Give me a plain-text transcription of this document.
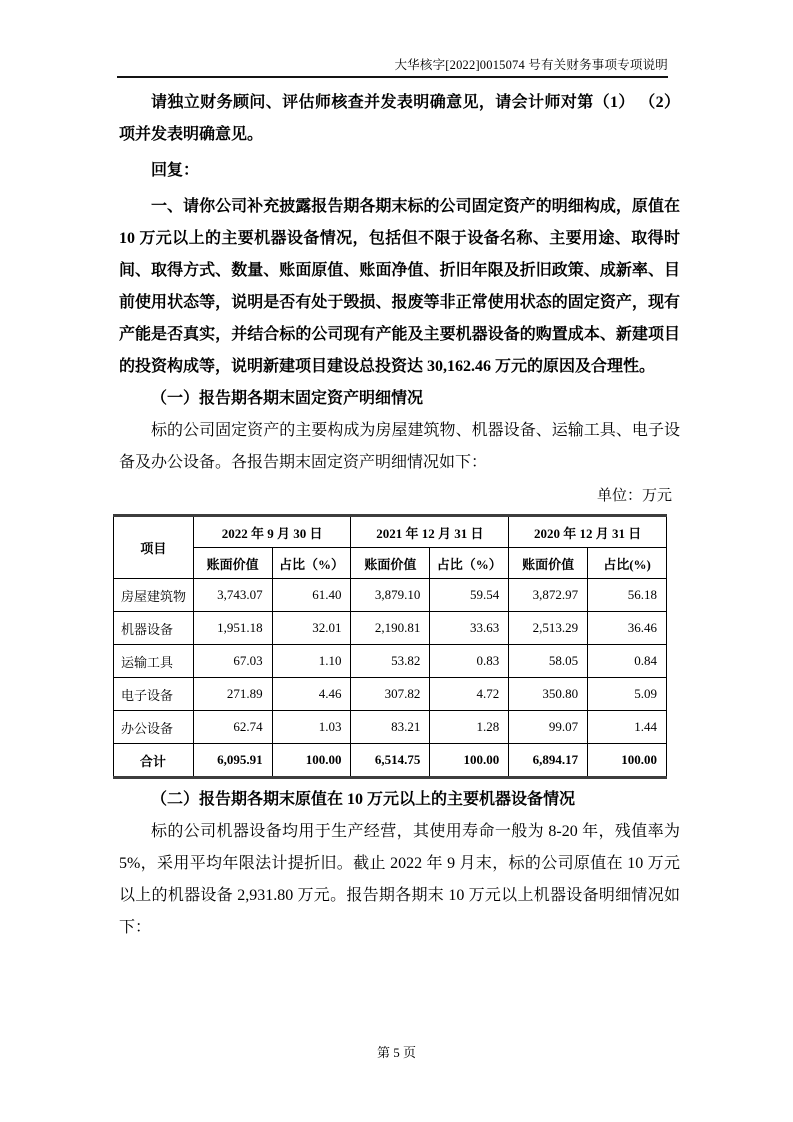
大华核字[2022]0015074 号有关财务事项专项说明

请独立财务顾问、评估师核查并发表明确意见，请会计师对第（1） （2）项并发表明确意见。

回复：

一、请你公司补充披露报告期各期末标的公司固定资产的明细构成，原值在 10 万元以上的主要机器设备情况，包括但不限于设备名称、主要用途、取得时间、取得方式、数量、账面原值、账面净值、折旧年限及折旧政策、成新率、目前使用状态等，说明是否有处于毁损、报废等非正常使用状态的固定资产，现有产能是否真实，并结合标的公司现有产能及主要机器设备的购置成本、新建项目的投资构成等，说明新建项目建设总投资达 30,162.46 万元的原因及合理性。

（一）报告期各期末固定资产明细情况

标的公司固定资产的主要构成为房屋建筑物、机器设备、运输工具、电子设备及办公设备。各报告期末固定资产明细情况如下：

单位：万元
项目	2022 年 9 月 30 日		2021 年 12 月 31 日		2020 年 12 月 31 日	
	账面价值	占比（%）	账面价值	占比（%）	账面价值	占比(%)
房屋建筑物	3,743.07	61.40	3,879.10	59.54	3,872.97	56.18
机器设备	1,951.18	32.01	2,190.81	33.63	2,513.29	36.46
运输工具	67.03	1.10	53.82	0.83	58.05	0.84
电子设备	271.89	4.46	307.82	4.72	350.80	5.09
办公设备	62.74	1.03	83.21	1.28	99.07	1.44
合计	6,095.91	100.00	6,514.75	100.00	6,894.17	100.00

（二）报告期各期末原值在 10 万元以上的主要机器设备情况

标的公司机器设备均用于生产经营，其使用寿命一般为 8-20 年，残值率为 5%，采用平均年限法计提折旧。截止 2022 年 9 月末，标的公司原值在 10 万元以上的机器设备 2,931.80 万元。报告期各期末 10 万元以上机器设备明细情况如下：

第 5 页
